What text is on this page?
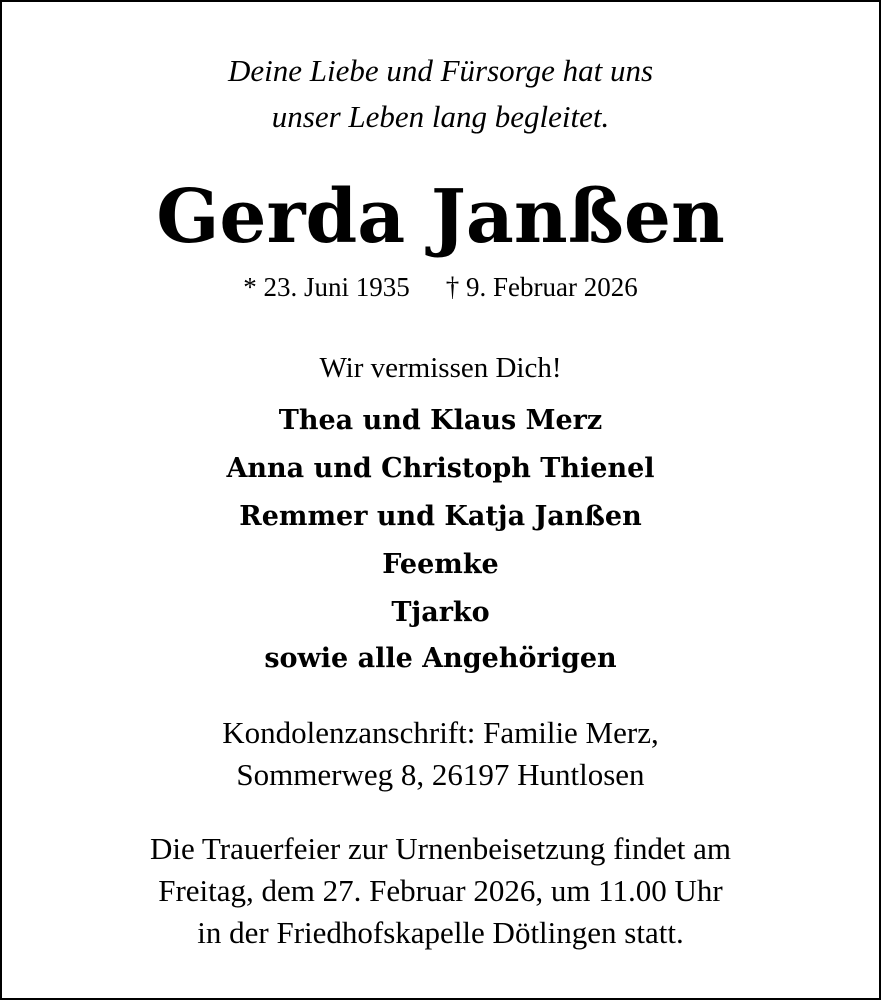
Deine Liebe und Fürsorge hat uns
unser Leben lang begleitet.
Gerda Janßen
* 23. Juni 1935 † 9. Februar 2026
Wir vermissen Dich!
Thea und Klaus Merz
Anna und Christoph Thienel
Remmer und Katja Janßen
Feemke
Tjarko
sowie alle Angehörigen
Kondolenzanschrift: Familie Merz,
Sommerweg 8, 26197 Huntlosen
Die Trauerfeier zur Urnenbeisetzung findet am
Freitag, dem 27. Februar 2026, um 11.00 Uhr
in der Friedhofskapelle Dötlingen statt.
